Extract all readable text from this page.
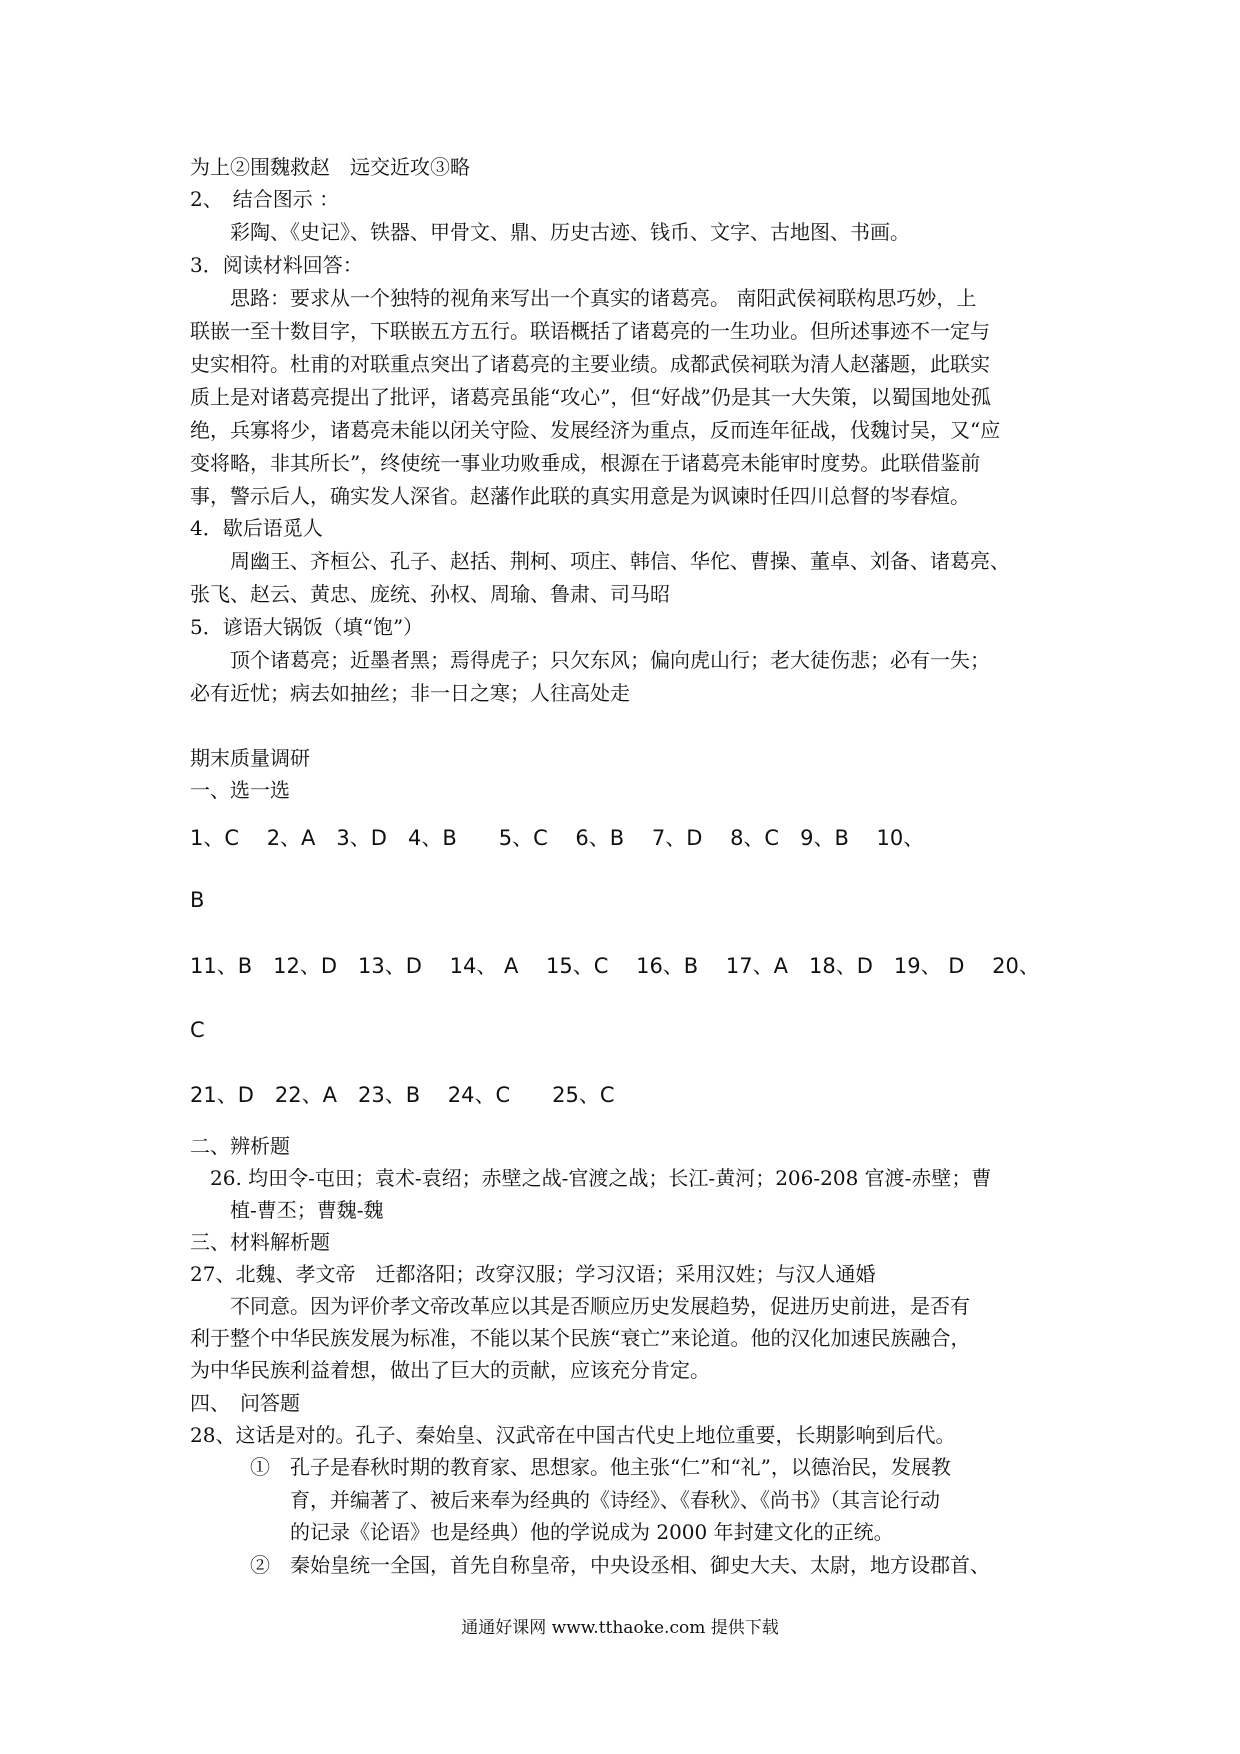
为上②围魏救赵　远交近攻③略
2、　结合图示 ：
　　彩陶、《史记》、铁器、甲骨文、鼎、历史古迹、钱币、文字、古地图、书画。
3．阅读材料回答：
　　思路：要求从一个独特的视角来写出一个真实的诸葛亮。 南阳武侯祠联构思巧妙，上
联嵌一至十数目字，下联嵌五方五行。联语概括了诸葛亮的一生功业。但所述事迹不一定与
史实相符。杜甫的对联重点突出了诸葛亮的主要业绩。成都武侯祠联为清人赵藩题，此联实
质上是对诸葛亮提出了批评，诸葛亮虽能“攻心”，但“好战”仍是其一大失策，以蜀国地处孤
绝，兵寡将少，诸葛亮未能以闭关守险、发展经济为重点，反而连年征战，伐魏讨吴，又“应
变将略，非其所长”，终使统一事业功败垂成，根源在于诸葛亮未能审时度势。此联借鉴前
事，警示后人，确实发人深省。赵藩作此联的真实用意是为讽谏时任四川总督的岑春煊。
4．歇后语觅人
　　周幽王、齐桓公、孔子、赵括、荆柯、项庄、韩信、华佗、曹操、董卓、刘备、诸葛亮、
张飞、赵云、黄忠、庞统、孙权、周瑜、鲁肃、司马昭
5．谚语大锅饭（填“饱”）
　　顶个诸葛亮；近墨者黑；焉得虎子；只欠东风；偏向虎山行；老大徒伤悲；必有一失；
必有近忧；病去如抽丝；非一日之寒；人往高处走
期末质量调研
一、选一选
1、C　 2、A　3、D　4、B　　5、C　 6、B　 7、D　 8、C　9、B　 10、
B
11、B　12、D　13、D　 14、 A　 15、C　 16、B　 17、A　18、D　19、 D　 20、
C
21、D　22、A　23、B　 24、C　　25、C
二、辨析题
　26. 均田令-屯田；袁术-袁绍；赤壁之战-官渡之战；长江-黄河；206-208 官渡-赤壁；曹
　　植-曹丕；曹魏-魏
三、材料解析题
27、北魏、孝文帝　迁都洛阳；改穿汉服；学习汉语；采用汉姓；与汉人通婚
　　不同意。因为评价孝文帝改革应以其是否顺应历史发展趋势，促进历史前进，是否有
利于整个中华民族发展为标准，不能以某个民族“衰亡”来论道。他的汉化加速民族融合，
为中华民族利益着想，做出了巨大的贡献，应该充分肯定。
四、　问答题
28、这话是对的。孔子、秦始皇、汉武帝在中国古代史上地位重要，长期影响到后代。
　　　①　孔子是春秋时期的教育家、思想家。他主张“仁”和“礼”，以德治民，发展教
　　　　　育，并编著了、被后来奉为经典的《诗经》、《春秋》、《尚书》（其言论行动
　　　　　的记录《论语》也是经典）他的学说成为 2000 年封建文化的正统。
　　　②　秦始皇统一全国，首先自称皇帝，中央设丞相、御史大夫、太尉，地方设郡首、
通通好课网 www.tthaoke.com 提供下载
